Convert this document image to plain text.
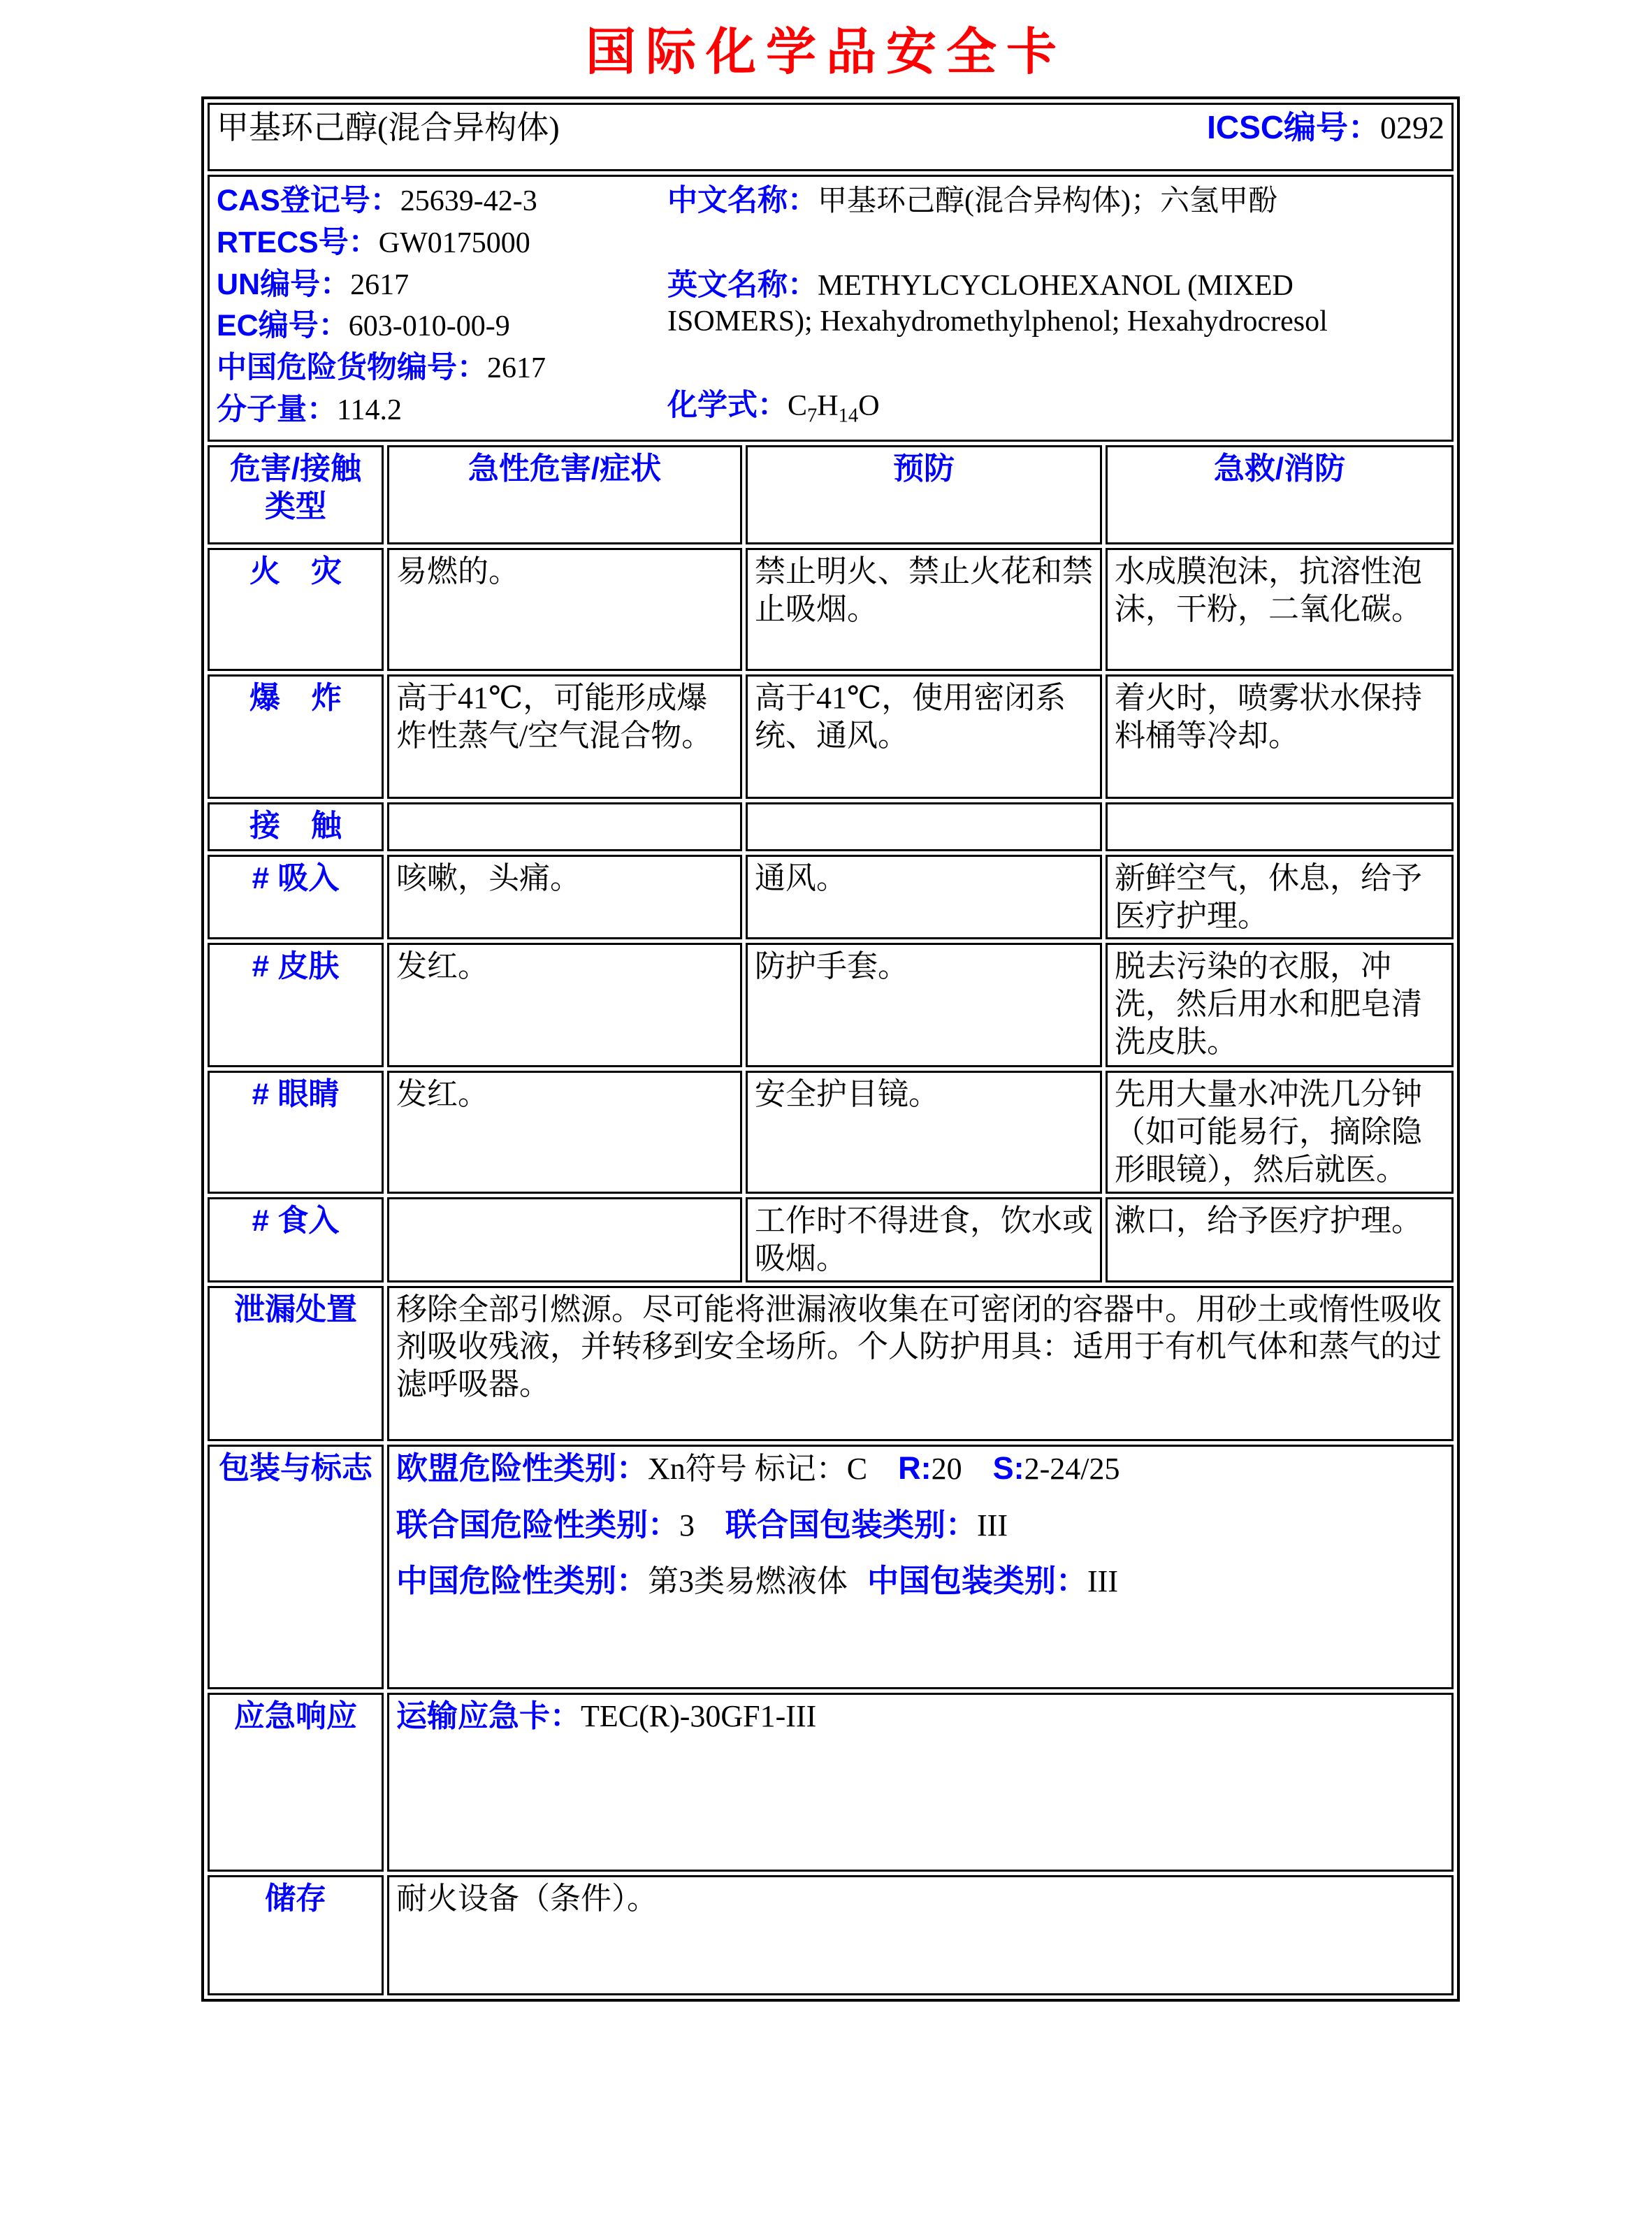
国际化学品安全卡
甲基环己醇(混合异构体) ICSC编号：0292			

CAS登记号：25639-42-3
RTECS号：GW0175000
UN编号：2617
EC编号：603-010-00-9
中国危险货物编号：2617
分子量：114.2
中文名称：甲基环己醇(混合异构体)；六氢甲酚
英文名称：METHYLCYCLOHEXANOL (MIXED ISOMERS); Hexahydromethylphenol; Hexahydrocresol
化学式：$C_7H_{14}O$

危害/接触
类型	急性危害/症状	预防	急救/消防
火　灾	易燃的。	禁止明火、禁止火花和禁止吸烟。	水成膜泡沫，抗溶性泡沫，干粉，二氧化碳。
爆　炸	高于41℃，可能形成爆炸性蒸气/空气混合物。	高于41℃，使用密闭系统、通风。	着火时，喷雾状水保持料桶等冷却。
接　触			
# 吸入	咳嗽，头痛。	通风。	新鲜空气，休息，给予医疗护理。
# 皮肤	发红。	防护手套。	脱去污染的衣服，冲洗，然后用水和肥皂清洗皮肤。
# 眼睛	发红。	安全护目镜。	先用大量水冲洗几分钟（如可能易行，摘除隐形眼镜），然后就医。
# 食入		工作时不得进食，饮水或吸烟。	漱口，给予医疗护理。
泄漏处置	移除全部引燃源。尽可能将泄漏液收集在可密闭的容器中。用砂土或惰性吸收剂吸收残液，并转移到安全场所。个人防护用具：适用于有机气体和蒸气的过滤呼吸器。		
包装与标志	欧盟危险性类别：Xn符号 标记：C R:20 S:2-24/25
联合国危险性类别：3 联合国包装类别：III
中国危险性类别：第3类易燃液体 中国包装类别：III		

应急响应	运输应急卡：TEC(R)-30GF1-III		
储存	耐火设备（条件）。		
